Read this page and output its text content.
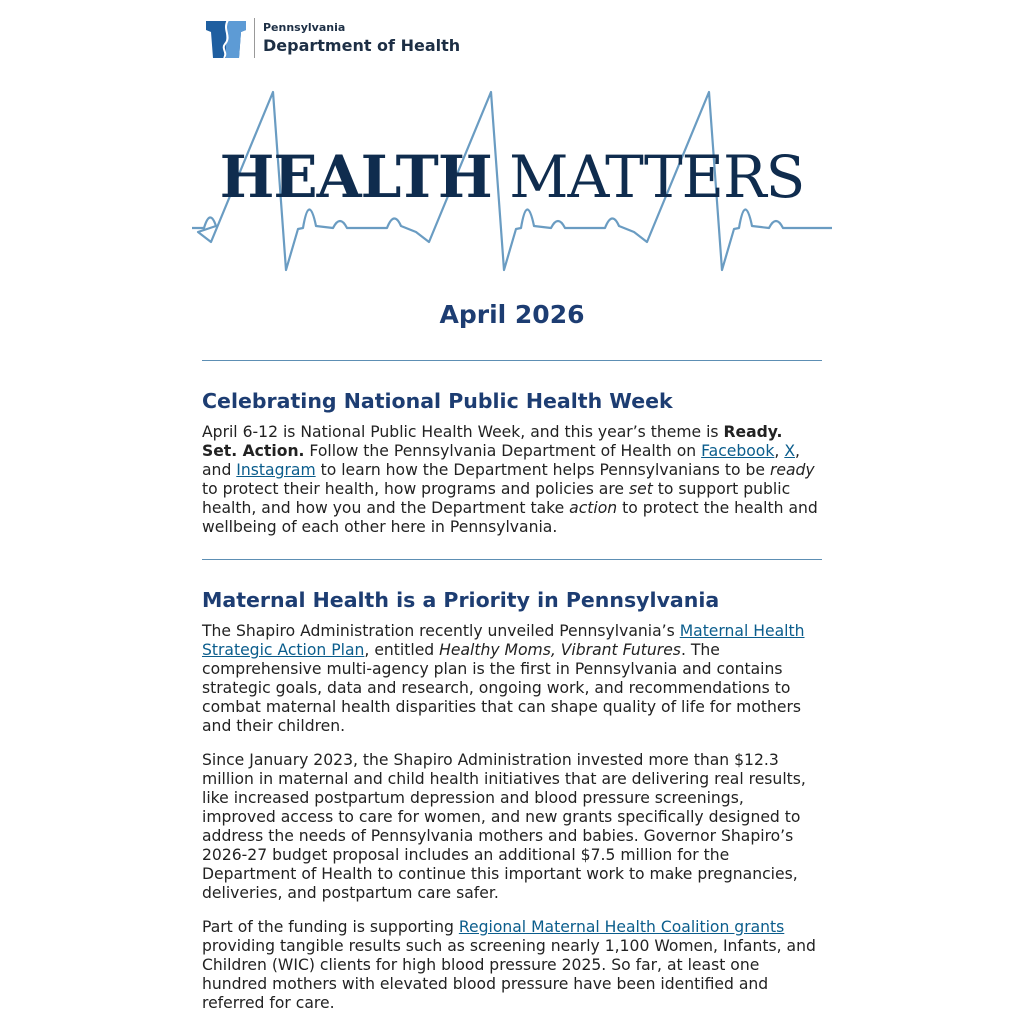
Pennsylvania
Department of Health
HEALTH MATTERS
April 2026
Celebrating National Public Health Week

April 6-12 is National Public Health Week, and this year’s theme is Ready. Set. Action. Follow the Pennsylvania Department of Health on Facebook, X, and Instagram to learn how the Department helps Pennsylvanians to be ready to protect their health, how programs and policies are set to support public health, and how you and the Department take action to protect the health and wellbeing of each other here in Pennsylvania.

Maternal Health is a Priority in Pennsylvania

The Shapiro Administration recently unveiled Pennsylvania’s Maternal Health Strategic Action Plan, entitled Healthy Moms, Vibrant Futures. The comprehensive multi-agency plan is the first in Pennsylvania and contains strategic goals, data and research, ongoing work, and recommendations to combat maternal health disparities that can shape quality of life for mothers and their children.

Since January 2023, the Shapiro Administration invested more than $12.3 million in maternal and child health initiatives that are delivering real results, like increased postpartum depression and blood pressure screenings, improved access to care for women, and new grants specifically designed to address the needs of Pennsylvania mothers and babies. Governor Shapiro’s 2026-27 budget proposal includes an additional $7.5 million for the Department of Health to continue this important work to make pregnancies, deliveries, and postpartum care safer.

Part of the funding is supporting Regional Maternal Health Coalition grants providing tangible results such as screening nearly 1,100 Women, Infants, and Children (WIC) clients for high blood pressure 2025. So far, at least one hundred mothers with elevated blood pressure have been identified and referred for care.
